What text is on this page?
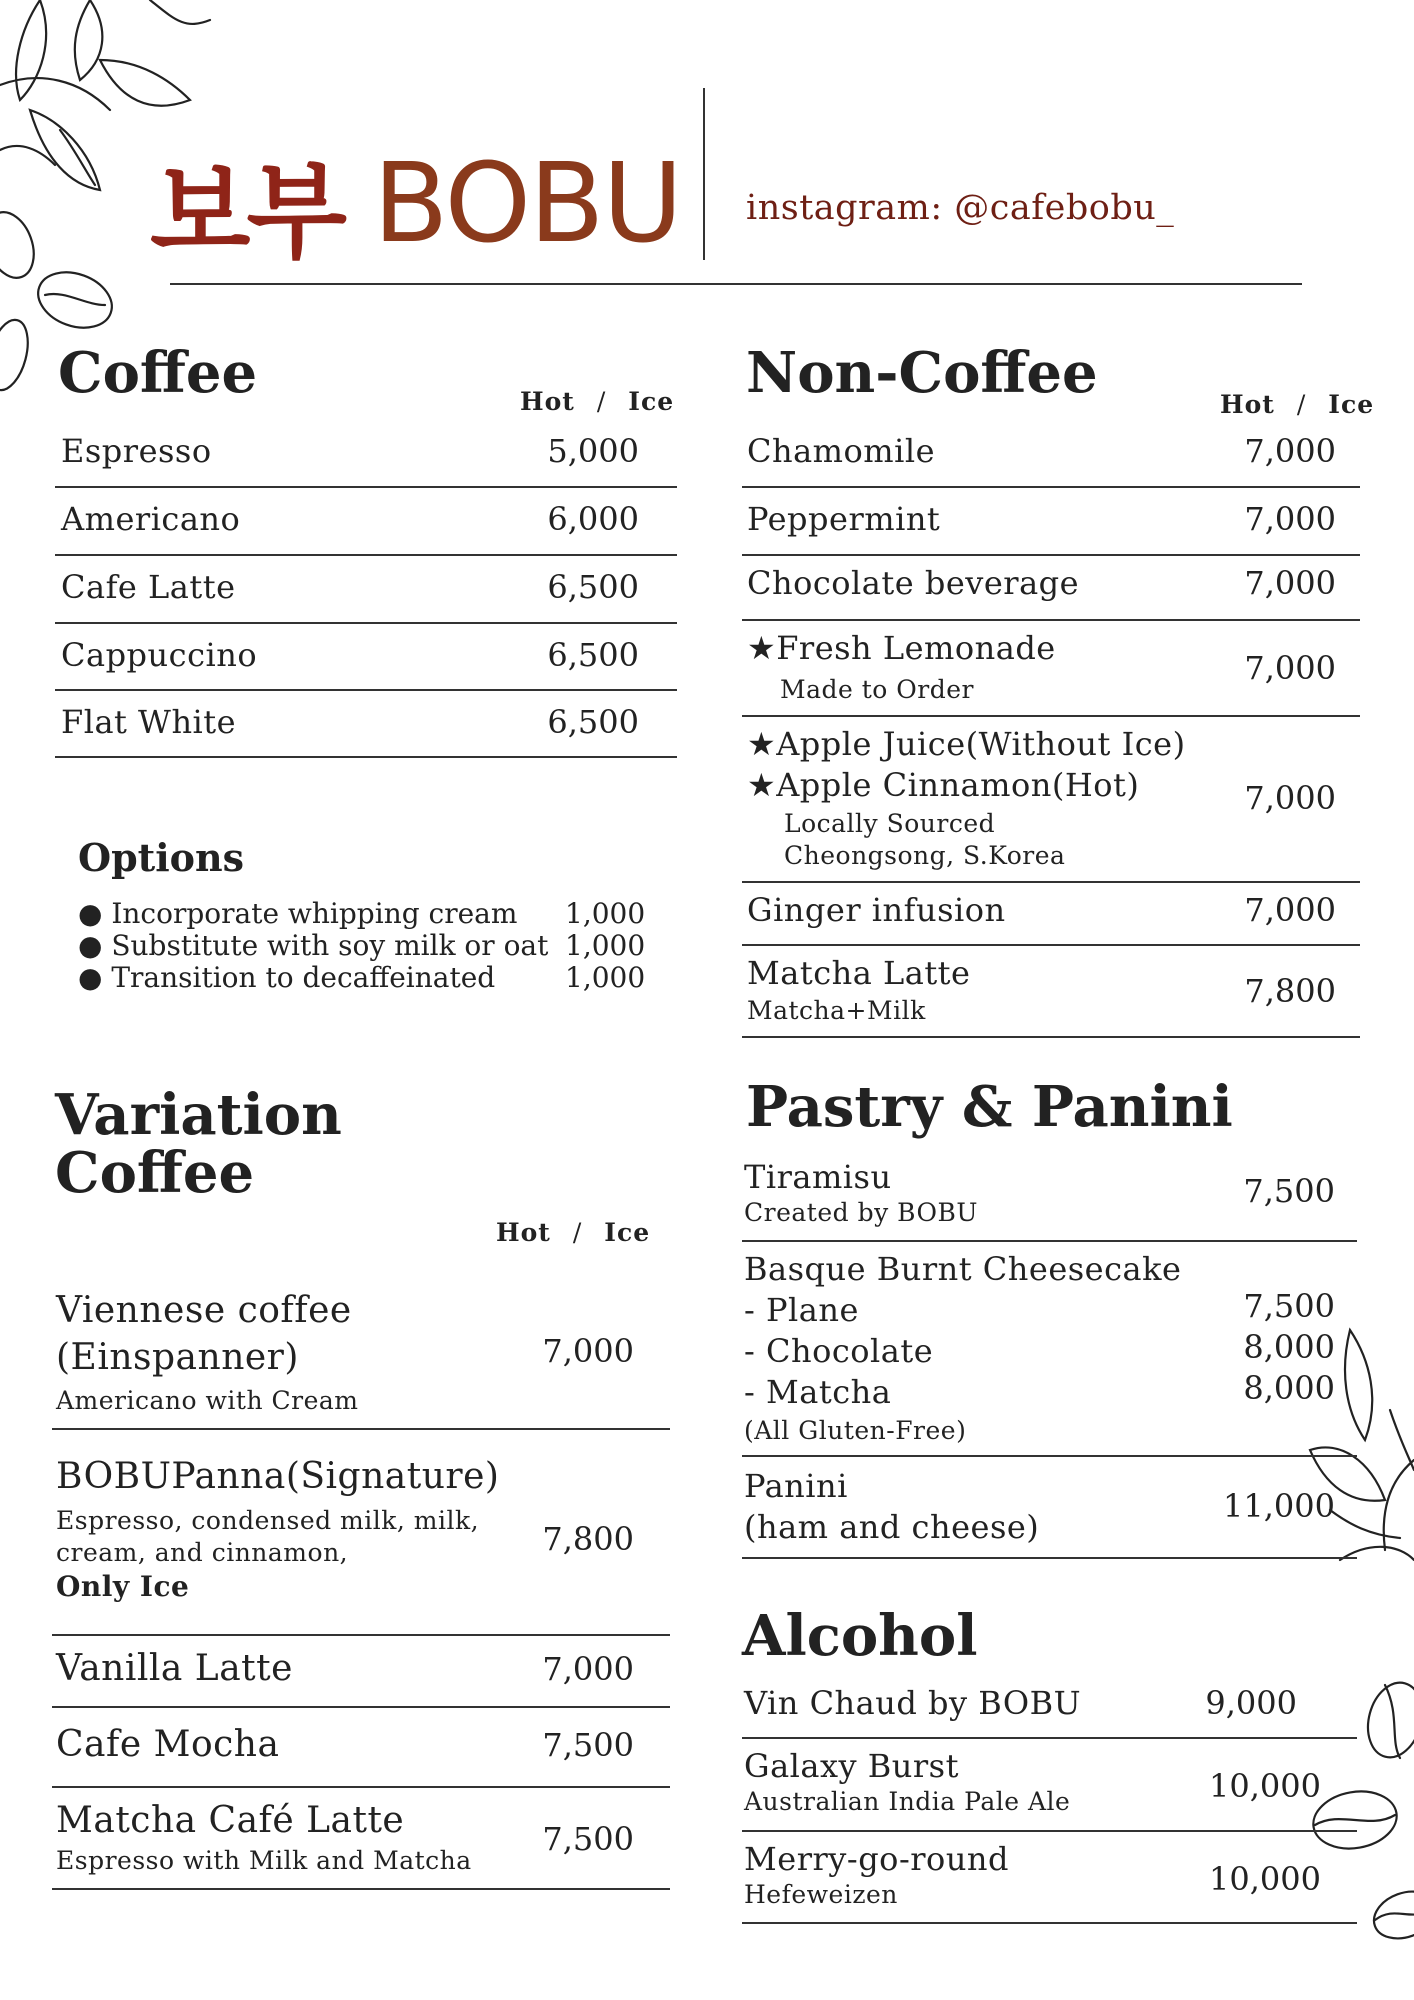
보부 BOBU instagram: @cafebobu_
Coffee	Hot / Ice
Espresso	5,000
Americano	6,000
Cafe Latte	6,500
Cappuccino	6,500
Flat White	6,500
Options
● Incorporate whipping cream 1,000
● Substitute with soy milk or oat 1,000
● Transition to decaffeinated 1,000
Variation
Coffee
Hot / Ice
Viennese coffee
(Einspanner)
Americano with Cream
7,000
BOBUPanna(Signature)
Espresso, condensed milk, milk,
cream, and cinnamon,
Only Ice
7,800
Vanilla Latte	7,000
Cafe Mocha	7,500
Matcha Café Latte
Espresso with Milk and Matcha
7,500
Non-Coffee	Hot / Ice
Chamomile	7,000
Peppermint	7,000
Chocolate beverage	7,000
★Fresh Lemonade
Made to Order
7,000
★Apple Juice(Without Ice)
★Apple Cinnamon(Hot)
Locally Sourced
Cheongsong, S.Korea
7,000
Ginger infusion	7,000
Matcha Latte
Matcha+Milk
7,800
Pastry & Panini
Tiramisu
Created by BOBU
7,500
Basque Burnt Cheesecake
- Plane	7,500
- Chocolate	8,000
- Matcha	8,000
(All Gluten-Free)
Panini
(ham and cheese)
11,000
Alcohol
Vin Chaud by BOBU	9,000
Galaxy Burst
Australian India Pale Ale	10,000
Merry-go-round
Hefeweizen	10,000
